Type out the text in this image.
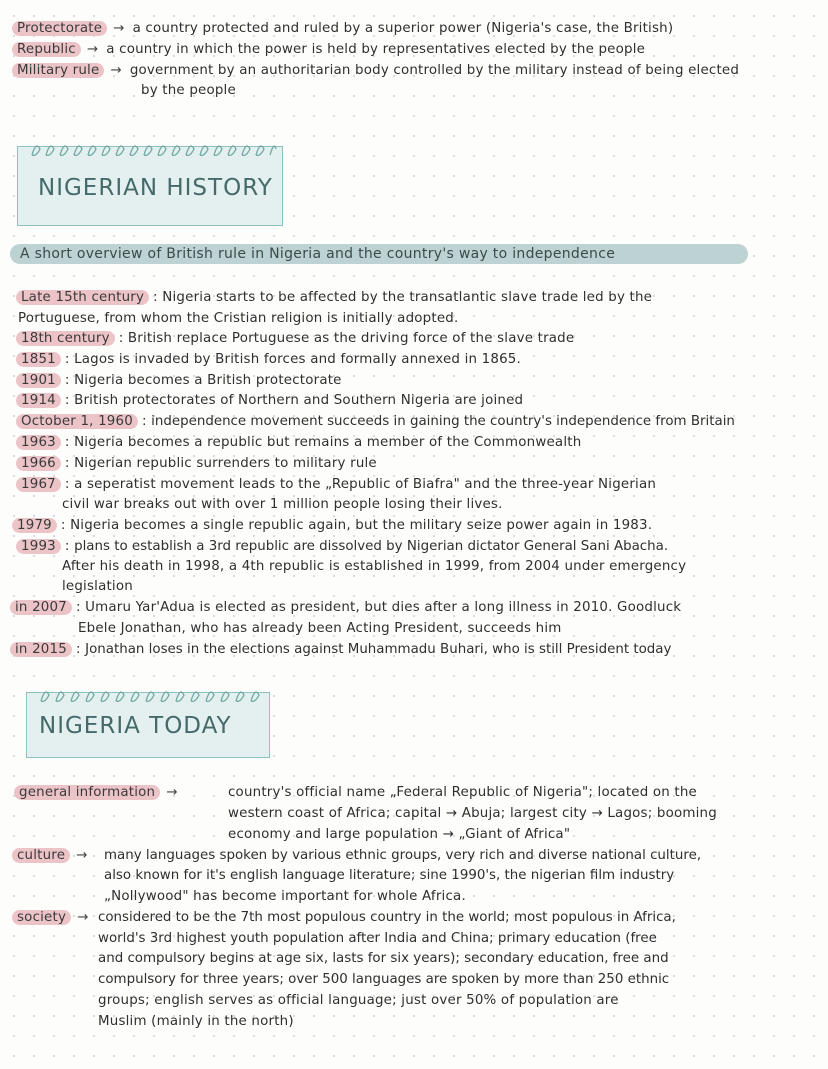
Protectorate → a country protected and ruled by a superior power (Nigeria's case, the British)
Republic → a country in which the power is held by representatives elected by the people
Military rule → government by an authoritarian body controlled by the military instead of being elected
by the people
NIGERIAN HISTORY
A short overview of British rule in Nigeria and the country's way to independence
Late 15th century : Nigeria starts to be affected by the transatlantic slave trade led by the
Portuguese, from whom the Cristian religion is initially adopted.
18th century : British replace Portuguese as the driving force of the slave trade
1851 : Lagos is invaded by British forces and formally annexed in 1865.
1901 : Nigeria becomes a British protectorate
1914 : British protectorates of Northern and Southern Nigeria are joined
October 1, 1960 : independence movement succeeds in gaining the country's independence from Britain
1963 : Nigeria becomes a republic but remains a member of the Commonwealth
1966 : Nigerian republic surrenders to military rule
1967 : a seperatist movement leads to the „Republic of Biafra" and the three-year Nigerian
civil war breaks out with over 1 million people losing their lives.
1979 : Nigeria becomes a single republic again, but the military seize power again in 1983.
1993 : plans to establish a 3rd republic are dissolved by Nigerian dictator General Sani Abacha.
After his death in 1998, a 4th republic is established in 1999, from 2004 under emergency
legislation
in 2007 : Umaru Yar'Adua is elected as president, but dies after a long illness in 2010. Goodluck
Ebele Jonathan, who has already been Acting President, succeeds him
in 2015 : Jonathan loses in the elections against Muhammadu Buhari, who is still President today
NIGERIA TODAY
general information →	country's official name „Federal Republic of Nigeria"; located on the
western coast of Africa; capital → Abuja; largest city → Lagos; booming
economy and large population → „Giant of Africa"
culture →	many languages spoken by various ethnic groups, very rich and diverse national culture,
also known for it's english language literature; sine 1990's, the nigerian film industry
„Nollywood" has become important for whole Africa.
society → considered to be the 7th most populous country in the world; most populous in Africa,
world's 3rd highest youth population after India and China; primary education (free
and compulsory begins at age six, lasts for six years); secondary education, free and
compulsory for three years; over 500 languages are spoken by more than 250 ethnic
groups; english serves as official language; just over 50% of population are
Muslim (mainly in the north)
